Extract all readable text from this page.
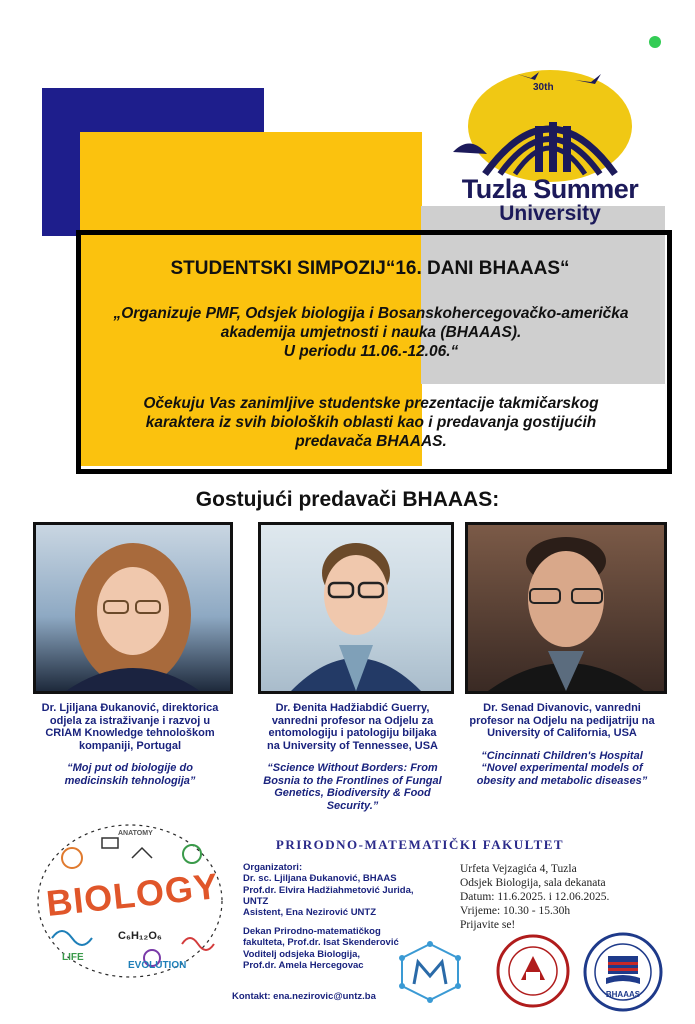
30th
Tuzla Summer
University
STUDENTSKI SIMPOZIJ“16. DANI BHAAAS“
„Organizuje PMF, Odsjek biologija i Bosanskohercegovačko-američka
akademija umjetnosti i nauka (BHAAAS).
U periodu 11.06.-12.06.“
Očekuju Vas zanimljive studentske prezentacije takmičarskog
karaktera iz svih bioloških oblasti kao i predavanja gostijućih
predavača BHAAAS.
Gostujući predavači BHAAAS:
Dr. Ljiljana Đukanović, direktorica
odjela za istraživanje i razvoj u
CRIAM Knowledge tehnološkom
kompaniji, Portugal
“Moj put od biologije do
medicinskih tehnologija”
Dr. Đenita Hadžiabdić Guerry,
vanredni profesor na Odjelu za
entomologiju i patologiju biljaka
na University of Tennessee, USA
“Science Without Borders: From
Bosnia to the Frontlines of Fungal
Genetics, Biodiversity & Food
Security.”
Dr. Senad Divanovic, vanredni
profesor na Odjelu na pedijatriju na
University of California, USA
“Cincinnati Children's Hospital
“Novel experimental models of
obesity and metabolic diseases”
BIOLOGY
C₆H₁₂O₆
LIFE
EVOLUTION
ANATOMY
PRIRODNO-MATEMATIČKI FAKULTET
Organizatori:
Dr. sc. Ljiljana Đukanović, BHAAS
Prof.dr. Elvira Hadžiahmetović Jurida,
UNTZ
Asistent, Ena Nezirović UNTZ
Dekan Prirodno-matematičkog
fakulteta, Prof.dr. Isat Skenderović
Voditelj odsjeka Biologija,
Prof.dr. Amela Hercegovac
Urfeta Vejzagića 4, Tuzla
Odsjek Biologija, sala dekanata
Datum: 11.6.2025. i 12.06.2025.
Vrijeme: 10.30 - 15.30h
Prijavite se!
Kontakt: ena.nezirovic@untz.ba	BHAAAS
